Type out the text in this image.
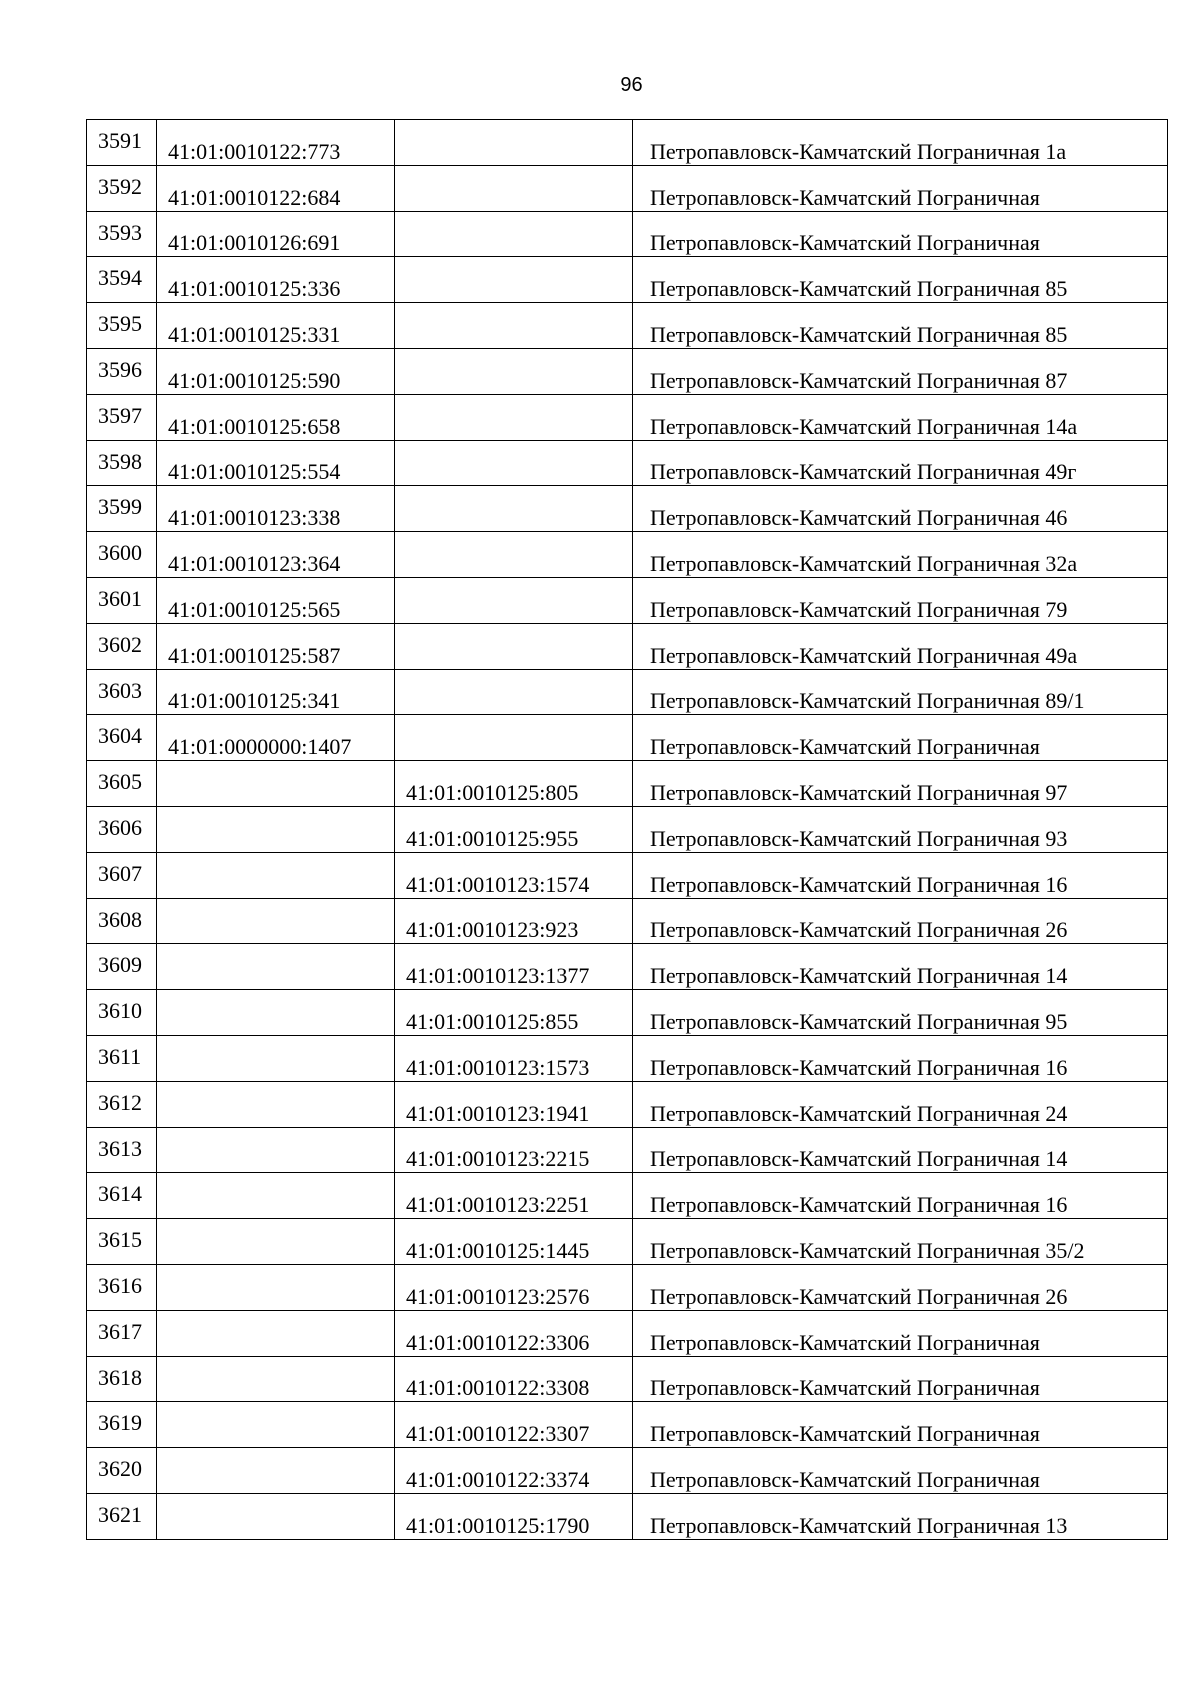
96
3591	41:01:0010122:773		Петропавловск-Камчатский Пограничная 1а
3592	41:01:0010122:684		Петропавловск-Камчатский Пограничная
3593	41:01:0010126:691		Петропавловск-Камчатский Пограничная
3594	41:01:0010125:336		Петропавловск-Камчатский Пограничная 85
3595	41:01:0010125:331		Петропавловск-Камчатский Пограничная 85
3596	41:01:0010125:590		Петропавловск-Камчатский Пограничная 87
3597	41:01:0010125:658		Петропавловск-Камчатский Пограничная 14а
3598	41:01:0010125:554		Петропавловск-Камчатский Пограничная 49г
3599	41:01:0010123:338		Петропавловск-Камчатский Пограничная 46
3600	41:01:0010123:364		Петропавловск-Камчатский Пограничная 32а
3601	41:01:0010125:565		Петропавловск-Камчатский Пограничная 79
3602	41:01:0010125:587		Петропавловск-Камчатский Пограничная 49а
3603	41:01:0010125:341		Петропавловск-Камчатский Пограничная 89/1
3604	41:01:0000000:1407		Петропавловск-Камчатский Пограничная
3605		41:01:0010125:805	Петропавловск-Камчатский Пограничная 97
3606		41:01:0010125:955	Петропавловск-Камчатский Пограничная 93
3607		41:01:0010123:1574	Петропавловск-Камчатский Пограничная 16
3608		41:01:0010123:923	Петропавловск-Камчатский Пограничная 26
3609		41:01:0010123:1377	Петропавловск-Камчатский Пограничная 14
3610		41:01:0010125:855	Петропавловск-Камчатский Пограничная 95
3611		41:01:0010123:1573	Петропавловск-Камчатский Пограничная 16
3612		41:01:0010123:1941	Петропавловск-Камчатский Пограничная 24
3613		41:01:0010123:2215	Петропавловск-Камчатский Пограничная 14
3614		41:01:0010123:2251	Петропавловск-Камчатский Пограничная 16
3615		41:01:0010125:1445	Петропавловск-Камчатский Пограничная 35/2
3616		41:01:0010123:2576	Петропавловск-Камчатский Пограничная 26
3617		41:01:0010122:3306	Петропавловск-Камчатский Пограничная
3618		41:01:0010122:3308	Петропавловск-Камчатский Пограничная
3619		41:01:0010122:3307	Петропавловск-Камчатский Пограничная
3620		41:01:0010122:3374	Петропавловск-Камчатский Пограничная
3621		41:01:0010125:1790	Петропавловск-Камчатский Пограничная 13
